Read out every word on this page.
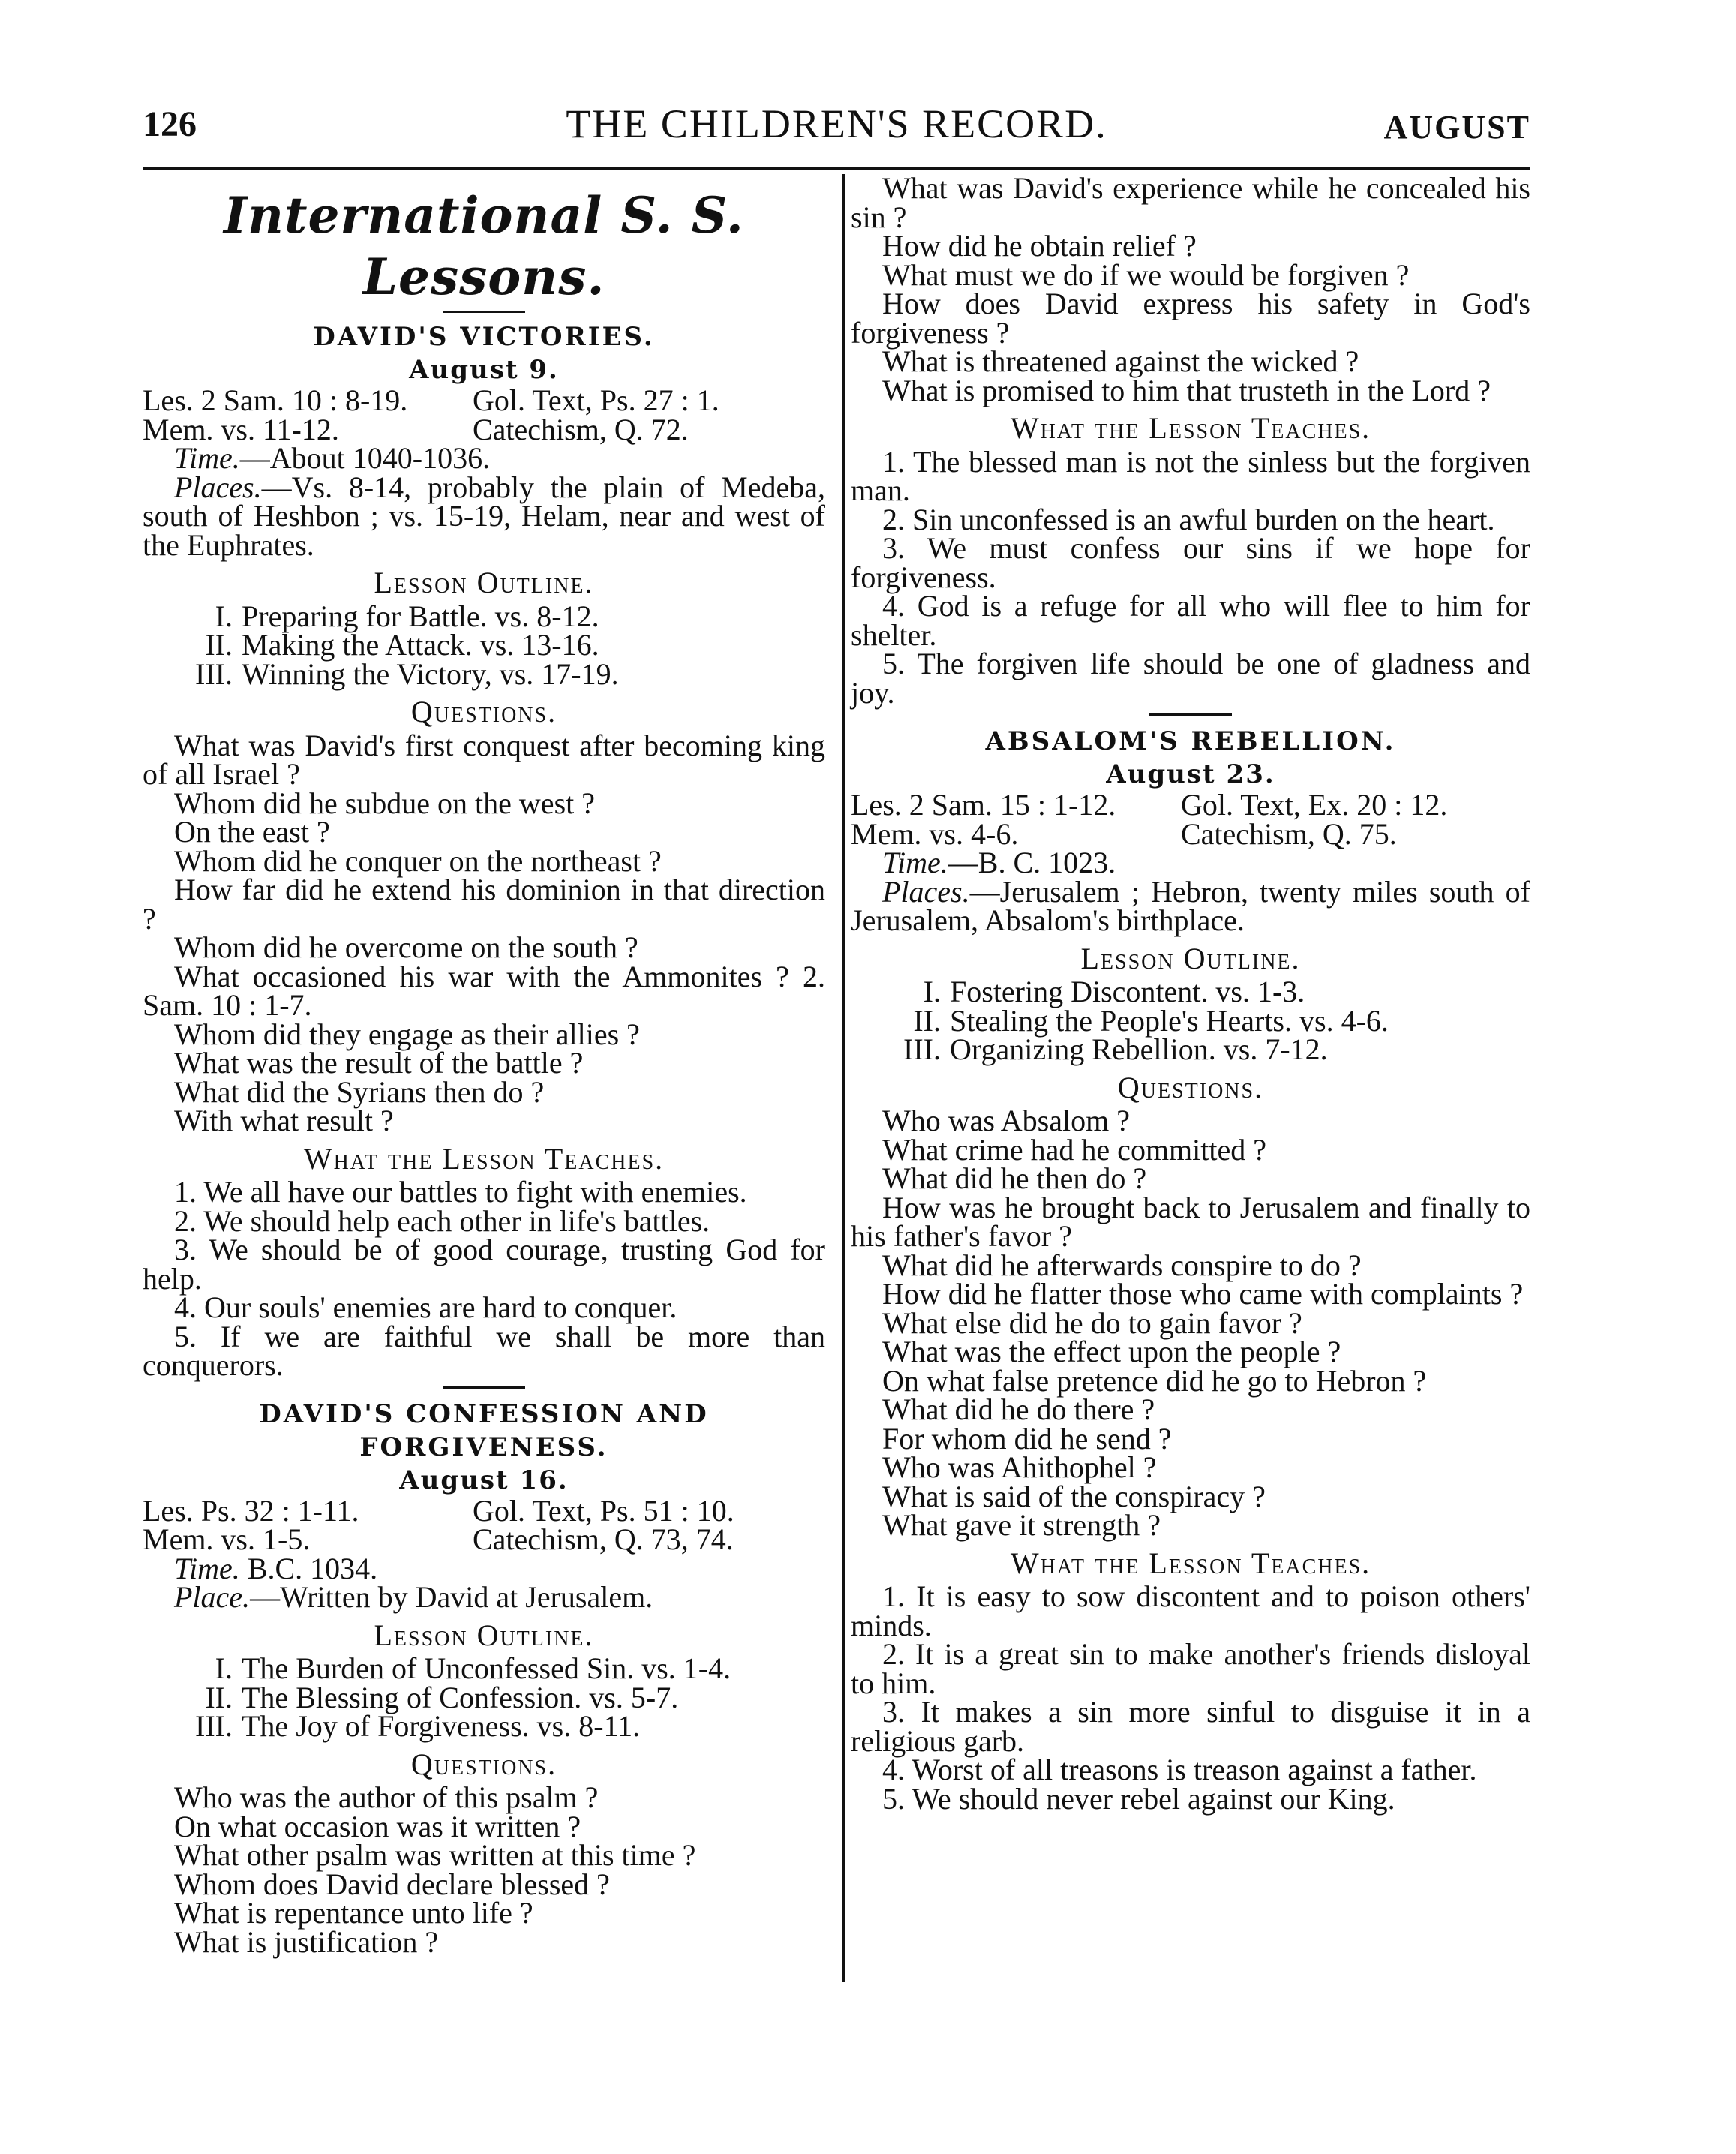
126	THE CHILDREN'S RECORD.	AUGUST
International S. S. Lessons.
DAVID'S VICTORIES.
August 9.
Les. 2 Sam. 10 : 8-19.	Gol. Text, Ps. 27 : 1.
Mem. vs. 11-12.	Catechism, Q. 72.

Time.—About 1040-1036.

Places.—Vs. 8-14, probably the plain of Medeba, south of Heshbon ; vs. 15-19, Helam, near and west of the Euphrates.

Lesson Outline.
I. Preparing for Battle. vs. 8-12.
II. Making the Attack. vs. 13-16.
III. Winning the Victory, vs. 17-19.
Questions.

What was David's first conquest after becoming king of all Israel ?

Whom did he subdue on the west ?

On the east ?

Whom did he conquer on the northeast ?

How far did he extend his dominion in that direction ?

Whom did he overcome on the south ?

What occasioned his war with the Ammonites ? 2. Sam. 10 : 1-7.

Whom did they engage as their allies ?

What was the result of the battle ?

What did the Syrians then do ?

With what result ?

What the Lesson Teaches.

1. We all have our battles to fight with enemies.

2. We should help each other in life's battles.

3. We should be of good courage, trusting God for help.

4. Our souls' enemies are hard to conquer.

5. If we are faithful we shall be more than conquerors.

DAVID'S CONFESSION AND FORGIVENESS.
August 16.
Les. Ps. 32 : 1-11.	Gol. Text, Ps. 51 : 10.
Mem. vs. 1-5.	Catechism, Q. 73, 74.

Time. B.C. 1034.

Place.—Written by David at Jerusalem.

Lesson Outline.
I. The Burden of Unconfessed Sin. vs. 1-4.
II. The Blessing of Confession. vs. 5-7.
III. The Joy of Forgiveness. vs. 8-11.
Questions.

Who was the author of this psalm ?

On what occasion was it written ?

What other psalm was written at this time ?

Whom does David declare blessed ?

What is repentance unto life ?

What is justification ?

What was David's experience while he concealed his sin ?

How did he obtain relief ?

What must we do if we would be forgiven ?

How does David express his safety in God's forgiveness ?

What is threatened against the wicked ?

What is promised to him that trusteth in the Lord ?

What the Lesson Teaches.

1. The blessed man is not the sinless but the forgiven man.

2. Sin unconfessed is an awful burden on the heart.

3. We must confess our sins if we hope for forgiveness.

4. God is a refuge for all who will flee to him for shelter.

5. The forgiven life should be one of gladness and joy.

ABSALOM'S REBELLION.
August 23.
Les. 2 Sam. 15 : 1-12.	Gol. Text, Ex. 20 : 12.
Mem. vs. 4-6.	Catechism, Q. 75.

Time.—B. C. 1023.

Places.—Jerusalem ; Hebron, twenty miles south of Jerusalem, Absalom's birthplace.

Lesson Outline.
I. Fostering Discontent. vs. 1-3.
II. Stealing the People's Hearts. vs. 4-6.
III. Organizing Rebellion. vs. 7-12.
Questions.

Who was Absalom ?

What crime had he committed ?

What did he then do ?

How was he brought back to Jerusalem and finally to his father's favor ?

What did he afterwards conspire to do ?

How did he flatter those who came with complaints ?

What else did he do to gain favor ?

What was the effect upon the people ?

On what false pretence did he go to Hebron ?

What did he do there ?

For whom did he send ?

Who was Ahithophel ?

What is said of the conspiracy ?

What gave it strength ?

What the Lesson Teaches.

1. It is easy to sow discontent and to poison others' minds.

2. It is a great sin to make another's friends disloyal to him.

3. It makes a sin more sinful to disguise it in a religious garb.

4. Worst of all treasons is treason against a father.

5. We should never rebel against our King.
